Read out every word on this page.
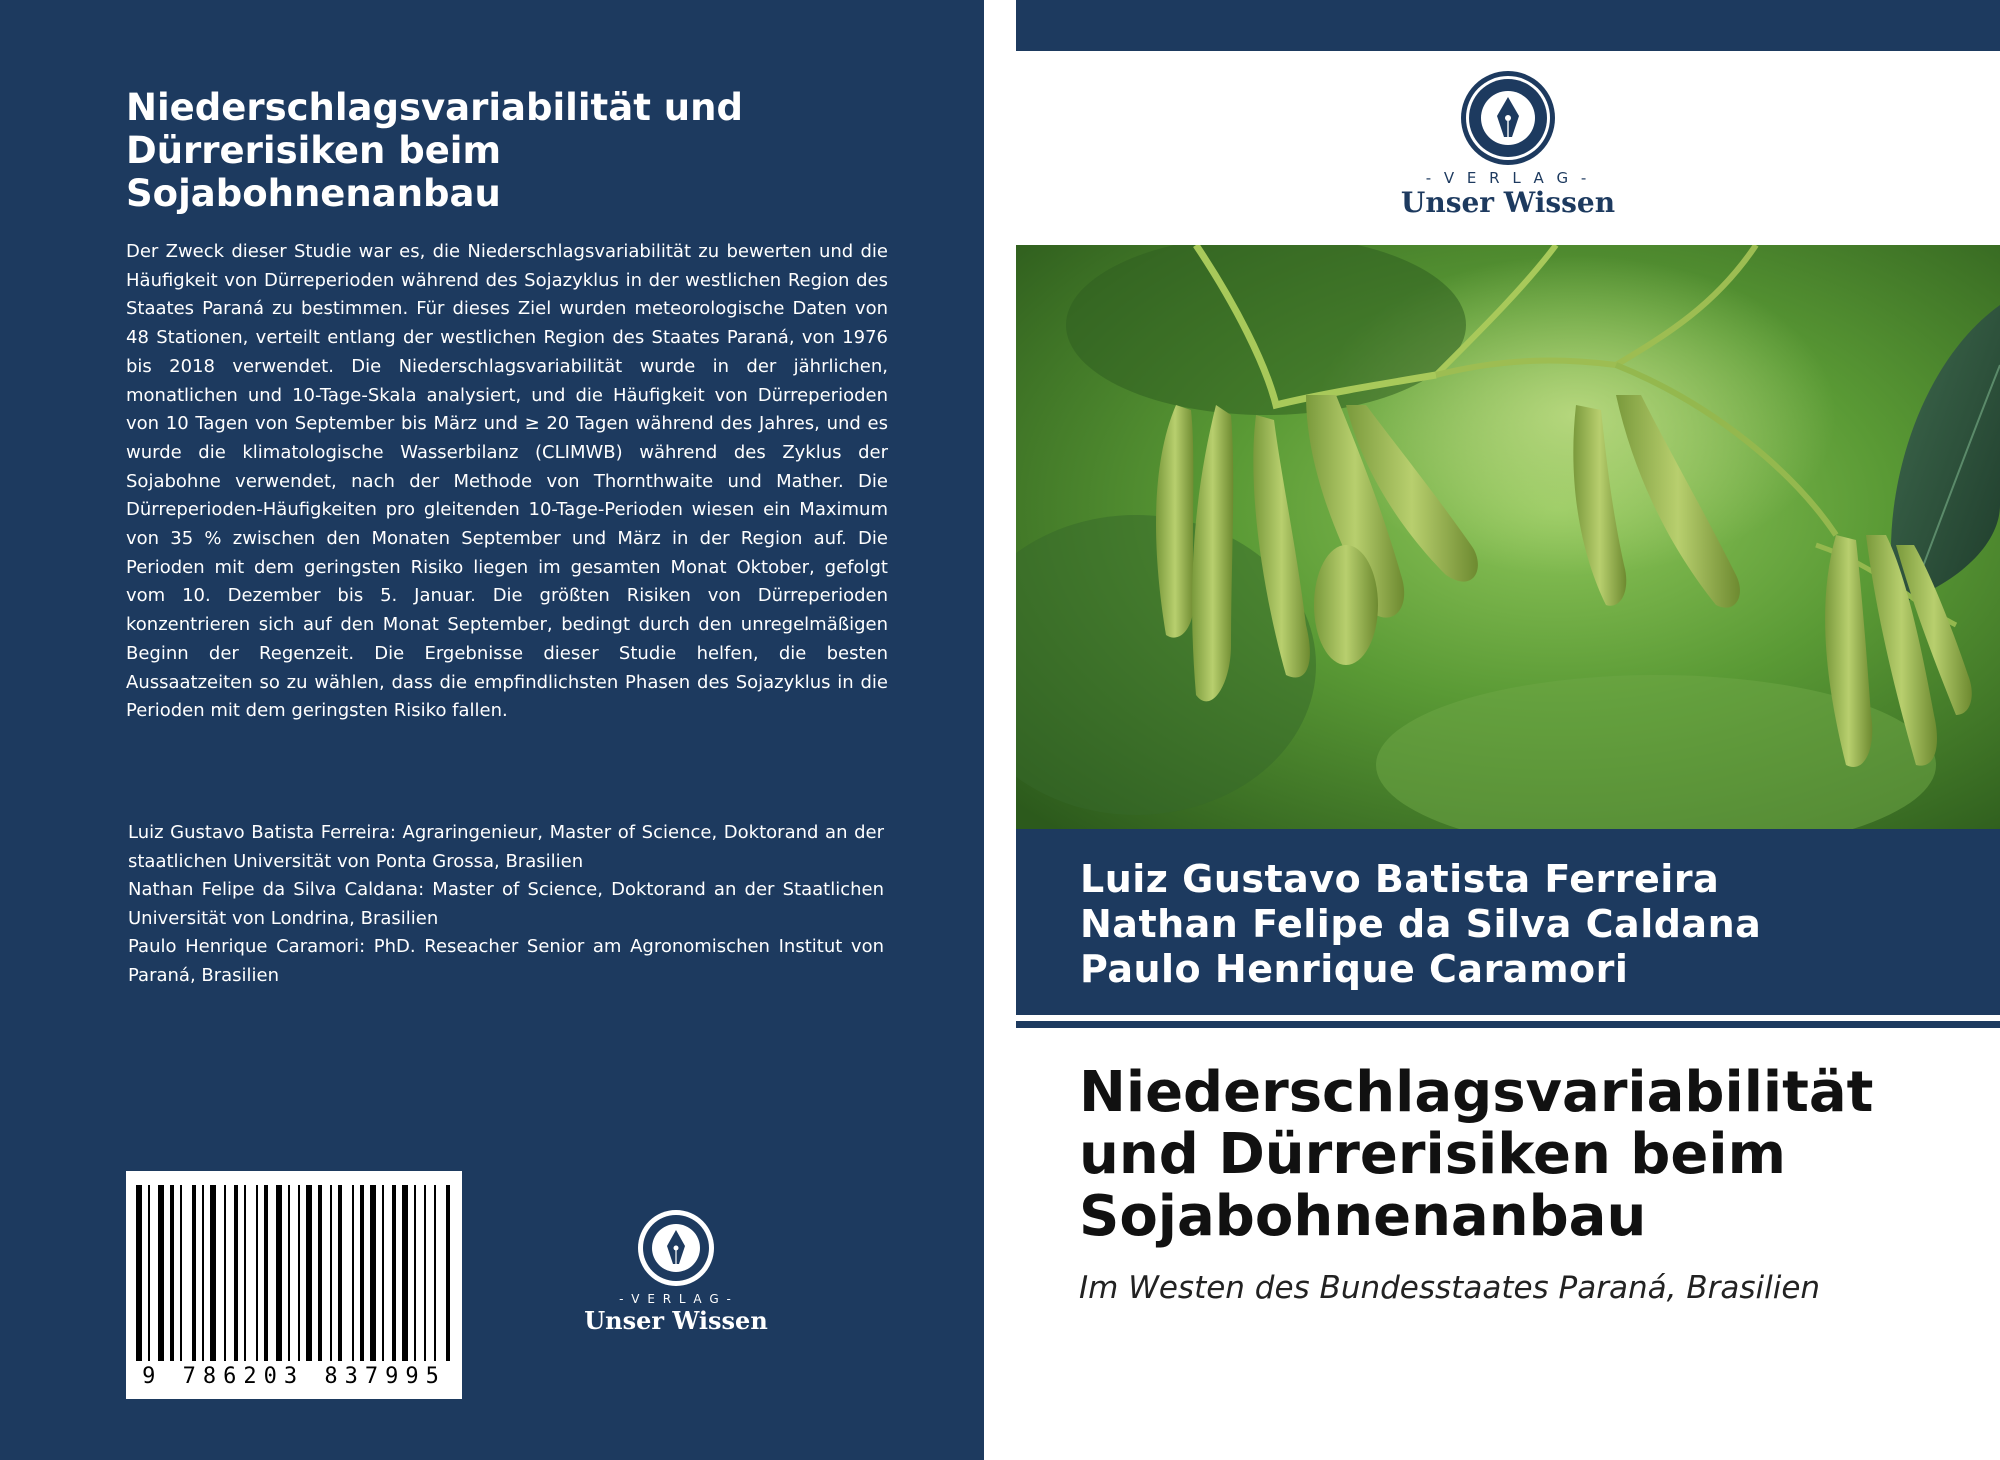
Niederschlagsvariabilität und Dürrerisiken beim Sojabohnenanbau

Der Zweck dieser Studie war es, die Niederschlagsvariabilität zu bewerten und die Häufigkeit von Dürreperioden während des Sojazyklus in der westlichen Region des Staates Paraná zu bestimmen. Für dieses Ziel wurden meteorologische Daten von 48 Stationen, verteilt entlang der westlichen Region des Staates Paraná, von 1976 bis 2018 verwendet. Die Niederschlagsvariabilität wurde in der jährlichen, monatlichen und 10-Tage-Skala analysiert, und die Häufigkeit von Dürreperioden von 10 Tagen von September bis März und ≥ 20 Tagen während des Jahres, und es wurde die klimatologische Wasserbilanz (CLIMWB) während des Zyklus der Sojabohne verwendet, nach der Methode von Thornthwaite und Mather. Die Dürreperioden-Häufigkeiten pro gleitenden 10-Tage-Perioden wiesen ein Maximum von 35 % zwischen den Monaten September und März in der Region auf. Die Perioden mit dem geringsten Risiko liegen im gesamten Monat Oktober, gefolgt vom 10. Dezember bis 5. Januar. Die größten Risiken von Dürreperioden konzentrieren sich auf den Monat September, bedingt durch den unregelmäßigen Beginn der Regenzeit. Die Ergebnisse dieser Studie helfen, die besten Aussaatzeiten so zu wählen, dass die empfindlichsten Phasen des Sojazyklus in die Perioden mit dem geringsten Risiko fallen.

Luiz Gustavo Batista Ferreira: Agraringenieur, Master of Science, Doktorand an der staatlichen Universität von Ponta Grossa, Brasilien

Nathan Felipe da Silva Caldana: Master of Science, Doktorand an der Staatlichen Universität von Londrina, Brasilien

Paulo Henrique Caramori: PhD. Reseacher Senior am Agronomischen Institut von Paraná, Brasilien

9 786203 837995
- V E R L A G -
Unser Wissen
- V E R L A G -
Unser Wissen
Luiz Gustavo Batista Ferreira
Nathan Felipe da Silva Caldana
Paulo Henrique Caramori
Niederschlagsvariabilität und Dürrerisiken beim Sojabohnenanbau

Im Westen des Bundesstaates Paraná, Brasilien
